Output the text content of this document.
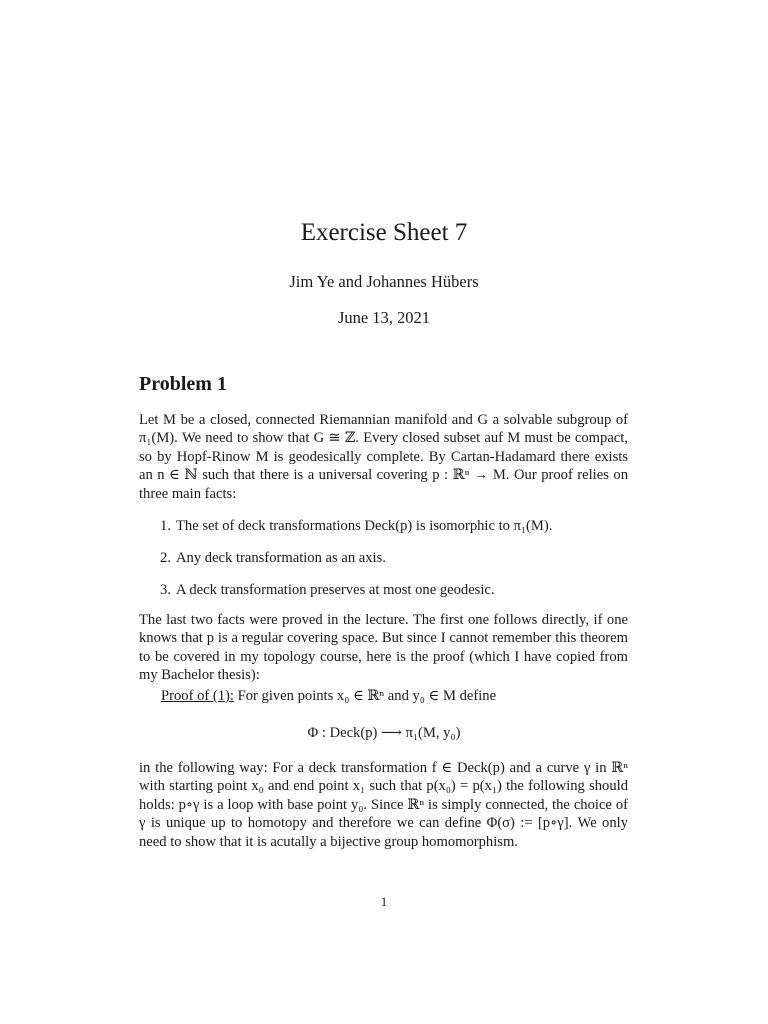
Exercise Sheet 7
Jim Ye and Johannes Hübers
June 13, 2021
Problem 1
Let M be a closed, connected Riemannian manifold and G a solvable subgroup of π₁(M). We need to show that G ≅ ℤ. Every closed subset auf M must be compact, so by Hopf-Rinow M is geodesically complete. By Cartan-Hadamard there exists an n ∈ ℕ such that there is a universal covering p : ℝⁿ → M. Our proof relies on three main facts:
1. The set of deck transformations Deck(p) is isomorphic to π₁(M).
2. Any deck transformation as an axis.
3. A deck transformation preserves at most one geodesic.
The last two facts were proved in the lecture. The first one follows directly, if one knows that p is a regular covering space. But since I cannot remember this theorem to be covered in my topology course, here is the proof (which I have copied from my Bachelor thesis):
Proof of (1): For given points x₀ ∈ ℝⁿ and y₀ ∈ M define
Φ : Deck(p) ⟶ π₁(M, y₀)
in the following way: For a deck transformation f ∈ Deck(p) and a curve γ in ℝⁿ with starting point x₀ and end point x₁ such that p(x₀) = p(x₁) the following should holds: p∘γ is a loop with base point y₀. Since ℝⁿ is simply connected, the choice of γ is unique up to homotopy and therefore we can define Φ(σ) := [p∘γ]. We only need to show that it is acutally a bijective group homomorphism.
1
